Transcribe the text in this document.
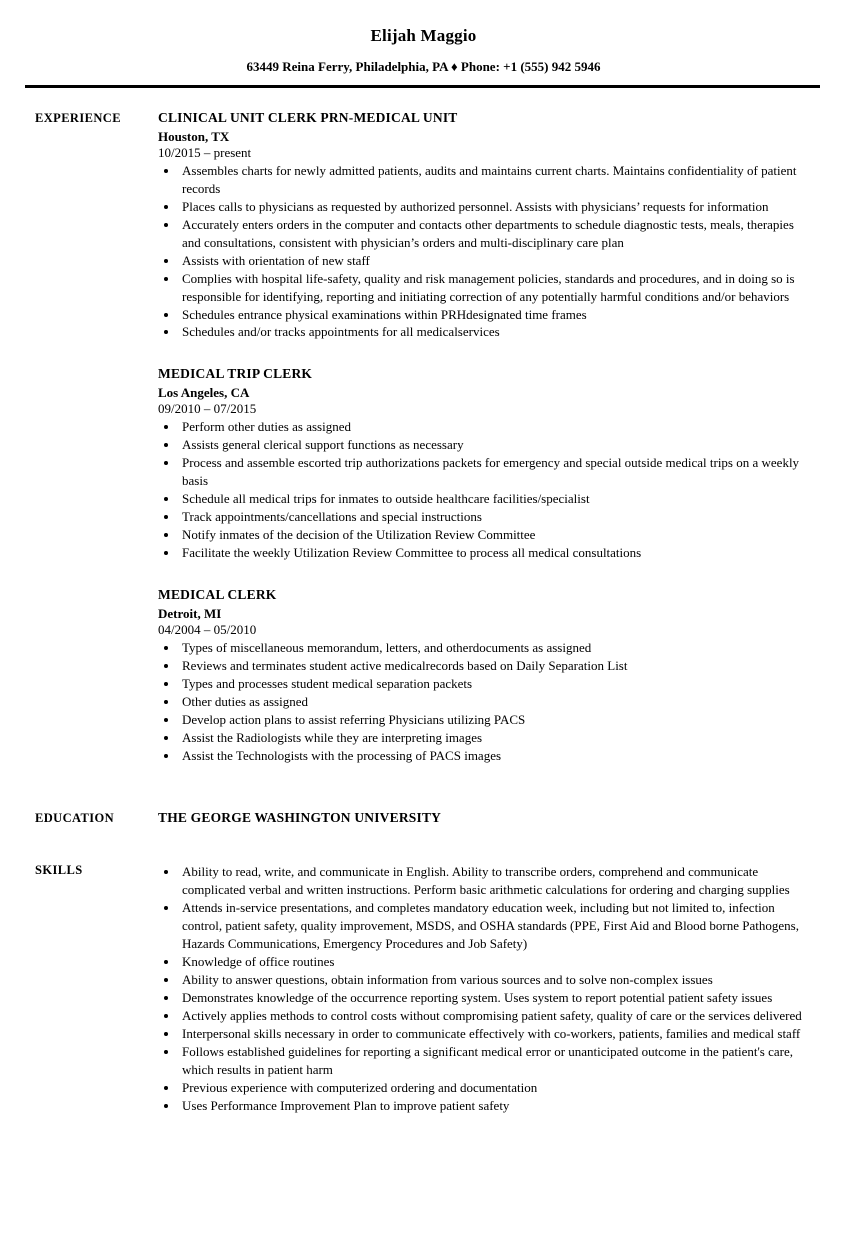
Elijah Maggio
63449 Reina Ferry, Philadelphia, PA ♦ Phone: +1 (555) 942 5946
EXPERIENCE	CLINICAL UNIT CLERK PRN-MEDICAL UNIT
Houston, TX
10/2015 – present
• Assembles charts for newly admitted patients, audits and maintains current charts. Maintains confidentiality of patient records
• Places calls to physicians as requested by authorized personnel. Assists with physicians’ requests for information
• Accurately enters orders in the computer and contacts other departments to schedule diagnostic tests, meals, therapies and consultations, consistent with physician’s orders and multi-disciplinary care plan
• Assists with orientation of new staff
• Complies with hospital life-safety, quality and risk management policies, standards and procedures, and in doing so is responsible for identifying, reporting and initiating correction of any potentially harmful conditions and/or behaviors
• Schedules entrance physical examinations within PRHdesignated time frames
• Schedules and/or tracks appointments for all medicalservices
MEDICAL TRIP CLERK
Los Angeles, CA
09/2010 – 07/2015
• Perform other duties as assigned
• Assists general clerical support functions as necessary
• Process and assemble escorted trip authorizations packets for emergency and special outside medical trips on a weekly basis
• Schedule all medical trips for inmates to outside healthcare facilities/specialist
• Track appointments/cancellations and special instructions
• Notify inmates of the decision of the Utilization Review Committee
• Facilitate the weekly Utilization Review Committee to process all medical consultations
MEDICAL CLERK
Detroit, MI
04/2004 – 05/2010
• Types of miscellaneous memorandum, letters, and otherdocuments as assigned
• Reviews and terminates student active medicalrecords based on Daily Separation List
• Types and processes student medical separation packets
• Other duties as assigned
• Develop action plans to assist referring Physicians utilizing PACS
• Assist the Radiologists while they are interpreting images
• Assist the Technologists with the processing of PACS images
EDUCATION	THE GEORGE WASHINGTON UNIVERSITY
SKILLS	• Ability to read, write, and communicate in English. Ability to transcribe orders, comprehend and communicate complicated verbal and written instructions. Perform basic arithmetic calculations for ordering and charging supplies
• Attends in-service presentations, and completes mandatory education week, including but not limited to, infection control, patient safety, quality improvement, MSDS, and OSHA standards (PPE, First Aid and Blood borne Pathogens, Hazards Communications, Emergency Procedures and Job Safety)
• Knowledge of office routines
• Ability to answer questions, obtain information from various sources and to solve non-complex issues
• Demonstrates knowledge of the occurrence reporting system. Uses system to report potential patient safety issues
• Actively applies methods to control costs without compromising patient safety, quality of care or the services delivered
• Interpersonal skills necessary in order to communicate effectively with co-workers, patients, families and medical staff
• Follows established guidelines for reporting a significant medical error or unanticipated outcome in the patient's care, which results in patient harm
• Previous experience with computerized ordering and documentation
• Uses Performance Improvement Plan to improve patient safety
